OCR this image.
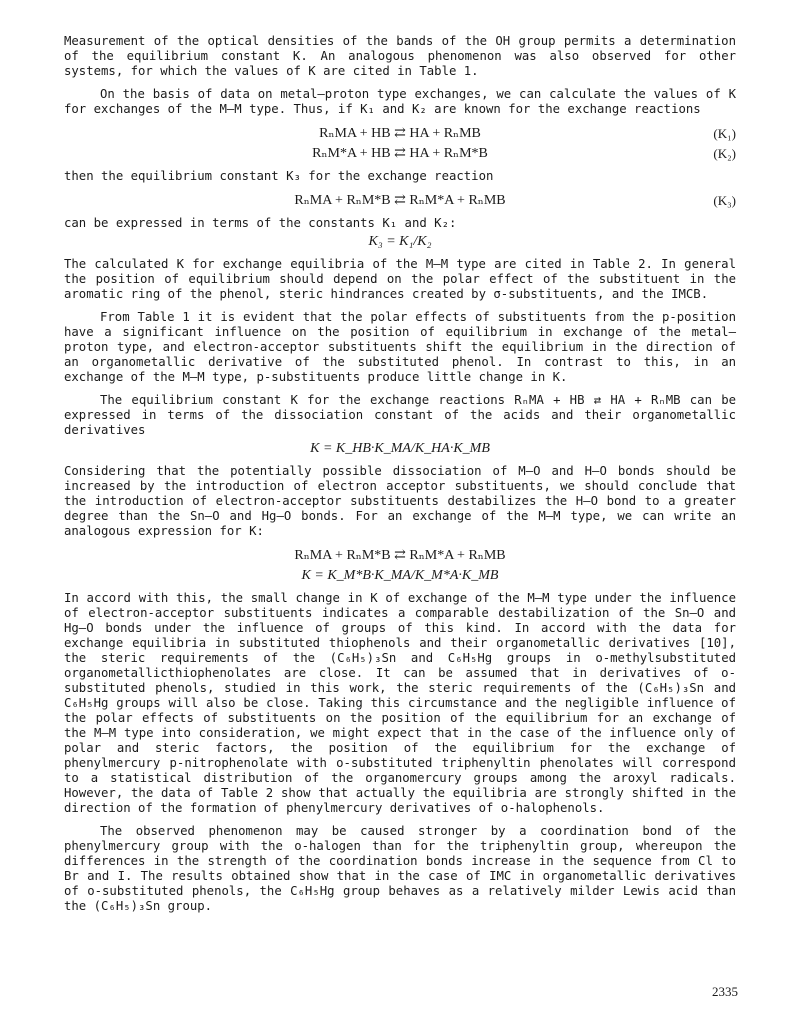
Measurement of the optical densities of the bands of the OH group permits a determination of the equilibrium constant K. An analogous phenomenon was also observed for other systems, for which the values of K are cited in Table 1.

On the basis of data on metal–proton type exchanges, we can calculate the values of K for exchanges of the M–M type. Thus, if K₁ and K₂ are known for the exchange reactions

RₙMA + HB ⇄ HA + RₙMB	(K₁)
RₙM*A + HB ⇄ HA + RₙM*B	(K₂)

then the equilibrium constant K₃ for the exchange reaction

RₙMA + RₙM*B ⇄ RₙM*A + RₙMB	(K₃)

can be expressed in terms of the constants K₁ and K₂:

K₃ = K₁/K₂

The calculated K for exchange equilibria of the M–M type are cited in Table 2. In general the position of equilibrium should depend on the polar effect of the substituent in the aromatic ring of the phenol, steric hindrances created by σ-substituents, and the IMCB.

From Table 1 it is evident that the polar effects of substituents from the p-position have a significant influence on the position of equilibrium in exchange of the metal–proton type, and electron-acceptor substituents shift the equilibrium in the direction of an organometallic derivative of the substituted phenol. In contrast to this, in an exchange of the M–M type, p-substituents produce little change in K.

The equilibrium constant K for the exchange reactions RₙMA + HB ⇄ HA + RₙMB can be expressed in terms of the dissociation constant of the acids and their organometallic derivatives

K = K_HB·K_MA/K_HA·K_MB

Considering that the potentially possible dissociation of M–O and H–O bonds should be increased by the introduction of electron acceptor substituents, we should conclude that the introduction of electron-acceptor substituents destabilizes the H–O bond to a greater degree than the Sn–O and Hg–O bonds. For an exchange of the M–M type, we can write an analogous expression for K:

RₙMA + RₙM*B ⇄ RₙM*A + RₙMB
K = K_M*B·K_MA/K_M*A·K_MB

In accord with this, the small change in K of exchange of the M–M type under the influence of electron-acceptor substituents indicates a comparable destabilization of the Sn–O and Hg–O bonds under the influence of groups of this kind. In accord with the data for exchange equilibria in substituted thiophenols and their organometallic derivatives [10], the steric requirements of the (C₆H₅)₃Sn and C₆H₅Hg groups in o-methylsubstituted organometallicthiophenolates are close. It can be assumed that in derivatives of o-substituted phenols, studied in this work, the steric requirements of the (C₆H₅)₃Sn and C₆H₅Hg groups will also be close. Taking this circumstance and the negligible influence of the polar effects of substituents on the position of the equilibrium for an exchange of the M–M type into consideration, we might expect that in the case of the influence only of polar and steric factors, the position of the equilibrium for the exchange of phenylmercury p-nitrophenolate with o-substituted triphenyltin phenolates will correspond to a statistical distribution of the organomercury groups among the aroxyl radicals. However, the data of Table 2 show that actually the equilibria are strongly shifted in the direction of the formation of phenylmercury derivatives of o-halophenols.

The observed phenomenon may be caused stronger by a coordination bond of the phenylmercury group with the o-halogen than for the triphenyltin group, whereupon the differences in the strength of the coordination bonds increase in the sequence from Cl to Br and I. The results obtained show that in the case of IMC in organometallic derivatives of o-substituted phenols, the C₆H₅Hg group behaves as a relatively milder Lewis acid than the (C₆H₅)₃Sn group.

2335
